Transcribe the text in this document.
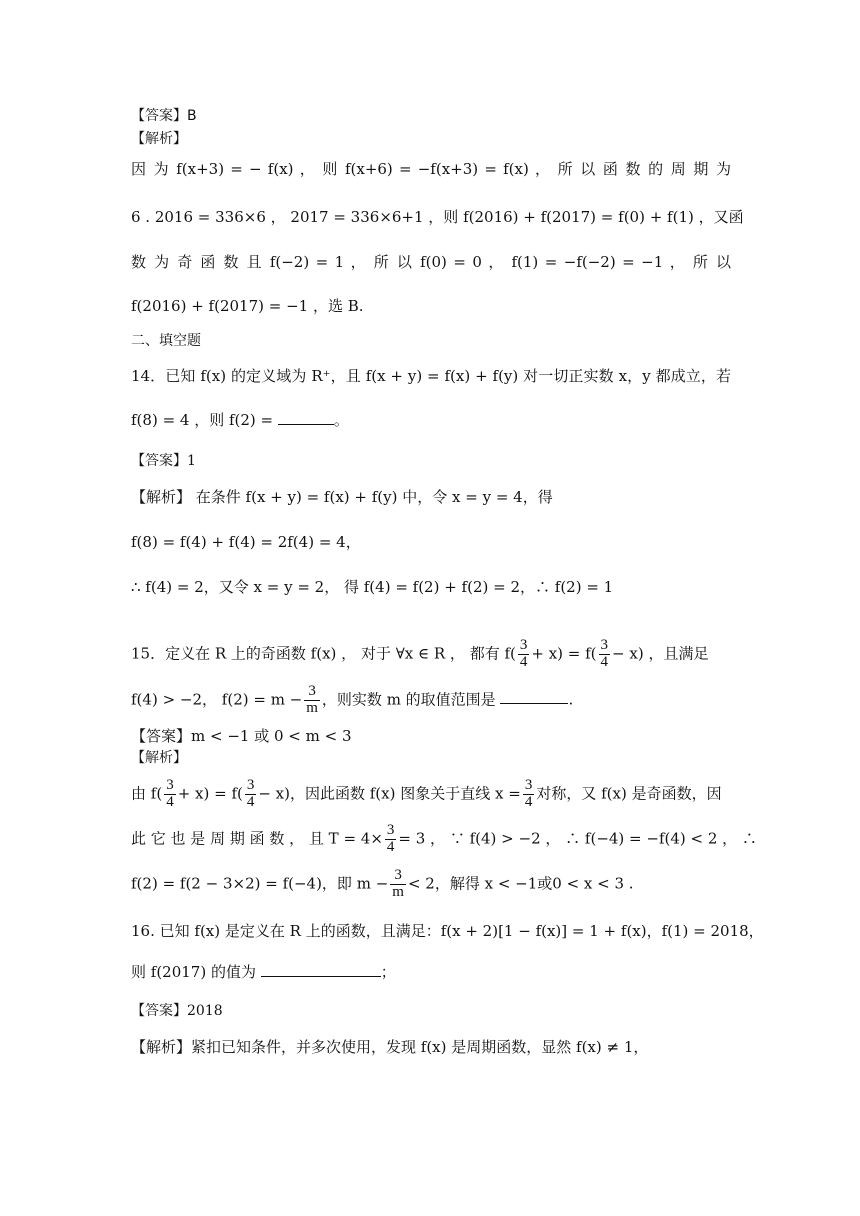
【答案】B
【解析】
因 为 f(x+3) = − f(x) ， 则 f(x+6) = −f(x+3) = f(x) ， 所 以 函 数 的 周 期 为
6 . 2016 = 336×6 ， 2017 = 336×6+1 ，则 f(2016) + f(2017) = f(0) + f(1) ，又函
数 为 奇 函 数 且 f(−2) = 1 ， 所 以 f(0) = 0 ， f(1) = −f(−2) = −1 ， 所 以
f(2016) + f(2017) = −1 ，选 B.
二、填空题
14．已知 f(x) 的定义域为 R⁺，且 f(x + y) = f(x) + f(y) 对一切正实数 x，y 都成立，若
f(8) = 4 ，则 f(2) =	。
【答案】1
【解析】 在条件 f(x + y) = f(x) + f(y) 中，令 x = y = 4，得
f(8) = f(4) + f(4) = 2f(4) = 4，
∴ f(4) = 2，又令 x = y = 2， 得 f(4) = f(2) + f(2) = 2，∴ f(2) = 1
15．定义在 R 上的奇函数 f(x) ， 对于 ∀x ∈ R ， 都有 $f( \frac{3}{4} + x) = f( \frac{3}{4} - x)$ ，且满足
f(4) > −2， $f(2) = m - \frac{3}{m}$ ，则实数 m 的取值范围是	.
【答案】m < −1 或 0 < m < 3
【解析】
由 $f( \frac{3}{4} + x) = f( \frac{3}{4} - x)$，因此函数 f(x) 图象关于直线 $x = \frac{3}{4}$ 对称，又 f(x) 是奇函数，因
此 它 也 是 周 期 函 数 ， 且 $T = 4\times \frac{3}{4} = 3$ ， ∵ f(4) > −2 ， ∴ f(−4) = −f(4) < 2 ， ∴
f(2) = f(2 − 3×2) = f(−4)，即 $m - \frac{3}{m} < 2$，解得 x < −1或0 < x < 3 .
16. 已知 f(x) 是定义在 R 上的函数，且满足：f(x + 2)[1 − f(x)] = 1 + f(x)，f(1) = 2018，
则 f(2017) 的值为	；
【答案】2018
【解析】紧扣已知条件，并多次使用，发现 f(x) 是周期函数，显然 f(x) ≠ 1，
